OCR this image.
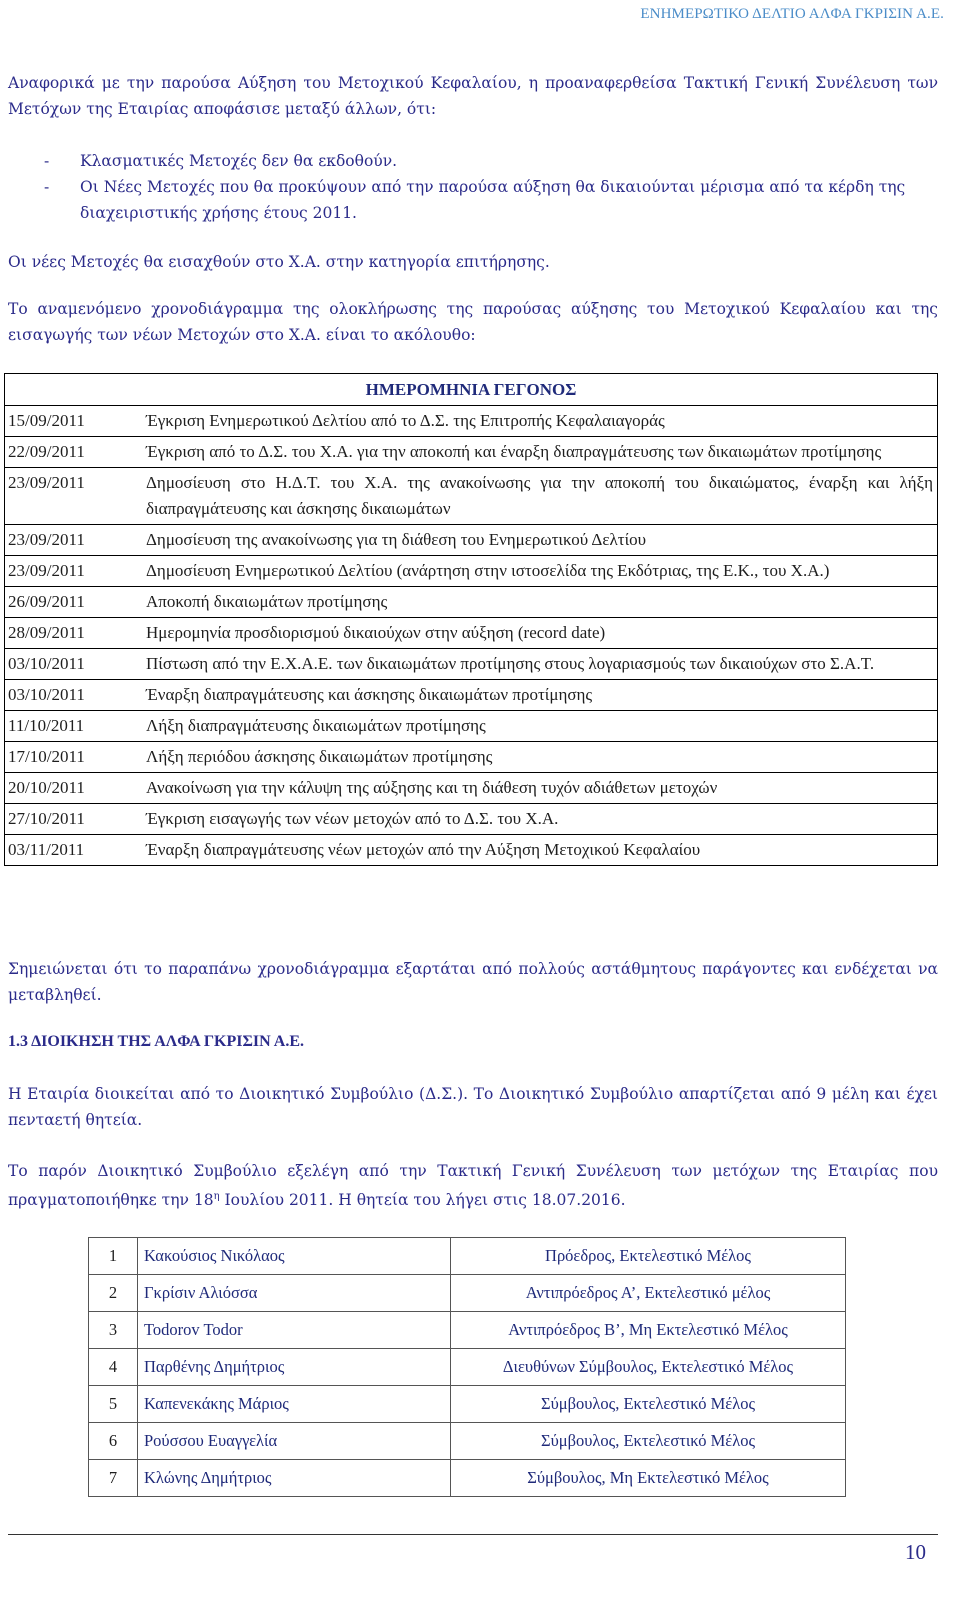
ΕΝΗΜΕΡΩΤΙΚΟ ΔΕΛΤΙΟ ΑΛΦΑ ΓΚΡΙΣΙΝ Α.Ε.

Αναφορικά με την παρούσα Αύξηση του Μετοχικού Κεφαλαίου, η προαναφερθείσα Τακτική Γενική Συνέλευση των Μετόχων της Εταιρίας αποφάσισε μεταξύ άλλων, ότι:

-	Κλασματικές Μετοχές δεν θα εκδοθούν.
-	Οι Νέες Μετοχές που θα προκύψουν από την παρούσα αύξηση θα δικαιούνται μέρισμα από τα κέρδη της διαχειριστικής χρήσης έτους 2011.

Οι νέες Μετοχές θα εισαχθούν στο Χ.Α. στην κατηγορία επιτήρησης.

Το αναμενόμενο χρονοδιάγραμμα της ολοκλήρωσης της παρούσας αύξησης του Μετοχικού Κεφαλαίου και της εισαγωγής των νέων Μετοχών στο Χ.Α. είναι το ακόλουθο:

ΗΜΕΡΟΜΗΝΙΑ ΓΕΓΟΝΟΣ	
15/09/2011	Έγκριση Ενημερωτικού Δελτίου από το Δ.Σ. της Επιτροπής Κεφαλαιαγοράς
22/09/2011	Έγκριση από το Δ.Σ. του Χ.Α. για την αποκοπή και έναρξη διαπραγμάτευσης των δικαιωμάτων προτίμησης
23/09/2011	Δημοσίευση στο Η.Δ.Τ. του Χ.Α. της ανακοίνωσης για την αποκοπή του δικαιώματος, έναρξη και λήξη διαπραγμάτευσης και άσκησης δικαιωμάτων
23/09/2011	Δημοσίευση της ανακοίνωσης για τη διάθεση του Ενημερωτικού Δελτίου
23/09/2011	Δημοσίευση Ενημερωτικού Δελτίου (ανάρτηση στην ιστοσελίδα της Εκδότριας, της Ε.Κ., του Χ.Α.)
26/09/2011	Αποκοπή δικαιωμάτων προτίμησης
28/09/2011	Ημερομηνία προσδιορισμού δικαιούχων στην αύξηση (record date)
03/10/2011	Πίστωση από την Ε.Χ.Α.Ε. των δικαιωμάτων προτίμησης στους λογαριασμούς των δικαιούχων στο Σ.Α.Τ.
03/10/2011	Έναρξη διαπραγμάτευσης και άσκησης δικαιωμάτων προτίμησης
11/10/2011	Λήξη διαπραγμάτευσης δικαιωμάτων προτίμησης
17/10/2011	Λήξη περιόδου άσκησης δικαιωμάτων προτίμησης
20/10/2011	Ανακοίνωση για την κάλυψη της αύξησης και τη διάθεση τυχόν αδιάθετων μετοχών
27/10/2011	Έγκριση εισαγωγής των νέων μετοχών από το Δ.Σ. του Χ.Α.
03/11/2011	Έναρξη διαπραγμάτευσης νέων μετοχών από την Αύξηση Μετοχικού Κεφαλαίου

Σημειώνεται ότι το παραπάνω χρονοδιάγραμμα εξαρτάται από πολλούς αστάθμητους παράγοντες και ενδέχεται να μεταβληθεί.

1.3 ΔΙΟΙΚΗΣΗ ΤΗΣ ΑΛΦΑ ΓΚΡΙΣΙΝ Α.Ε.

Η Εταιρία διοικείται από το Διοικητικό Συμβούλιο (Δ.Σ.). Το Διοικητικό Συμβούλιο απαρτίζεται από 9 μέλη και έχει πενταετή θητεία.

Το παρόν Διοικητικό Συμβούλιο εξελέγη από την Τακτική Γενική Συνέλευση των μετόχων της Εταιρίας που πραγματοποιήθηκε την $18^\eta$ Ιουλίου 2011. Η θητεία του λήγει στις 18.07.2016.

1	Κακούσιος Νικόλαος	Πρόεδρος, Εκτελεστικό Μέλος
2	Γκρίσιν Αλιόσσα	Αντιπρόεδρος Α’, Εκτελεστικό μέλος
3	Todorov Todor	Αντιπρόεδρος Β’, Μη Εκτελεστικό Μέλος
4	Παρθένης Δημήτριος	Διευθύνων Σύμβουλος, Εκτελεστικό Μέλος
5	Καπενεκάκης Μάριος	Σύμβουλος, Εκτελεστικό Μέλος
6	Ρούσσου Ευαγγελία	Σύμβουλος, Εκτελεστικό Μέλος
7	Κλώνης Δημήτριος	Σύμβουλος, Μη Εκτελεστικό Μέλος
10
